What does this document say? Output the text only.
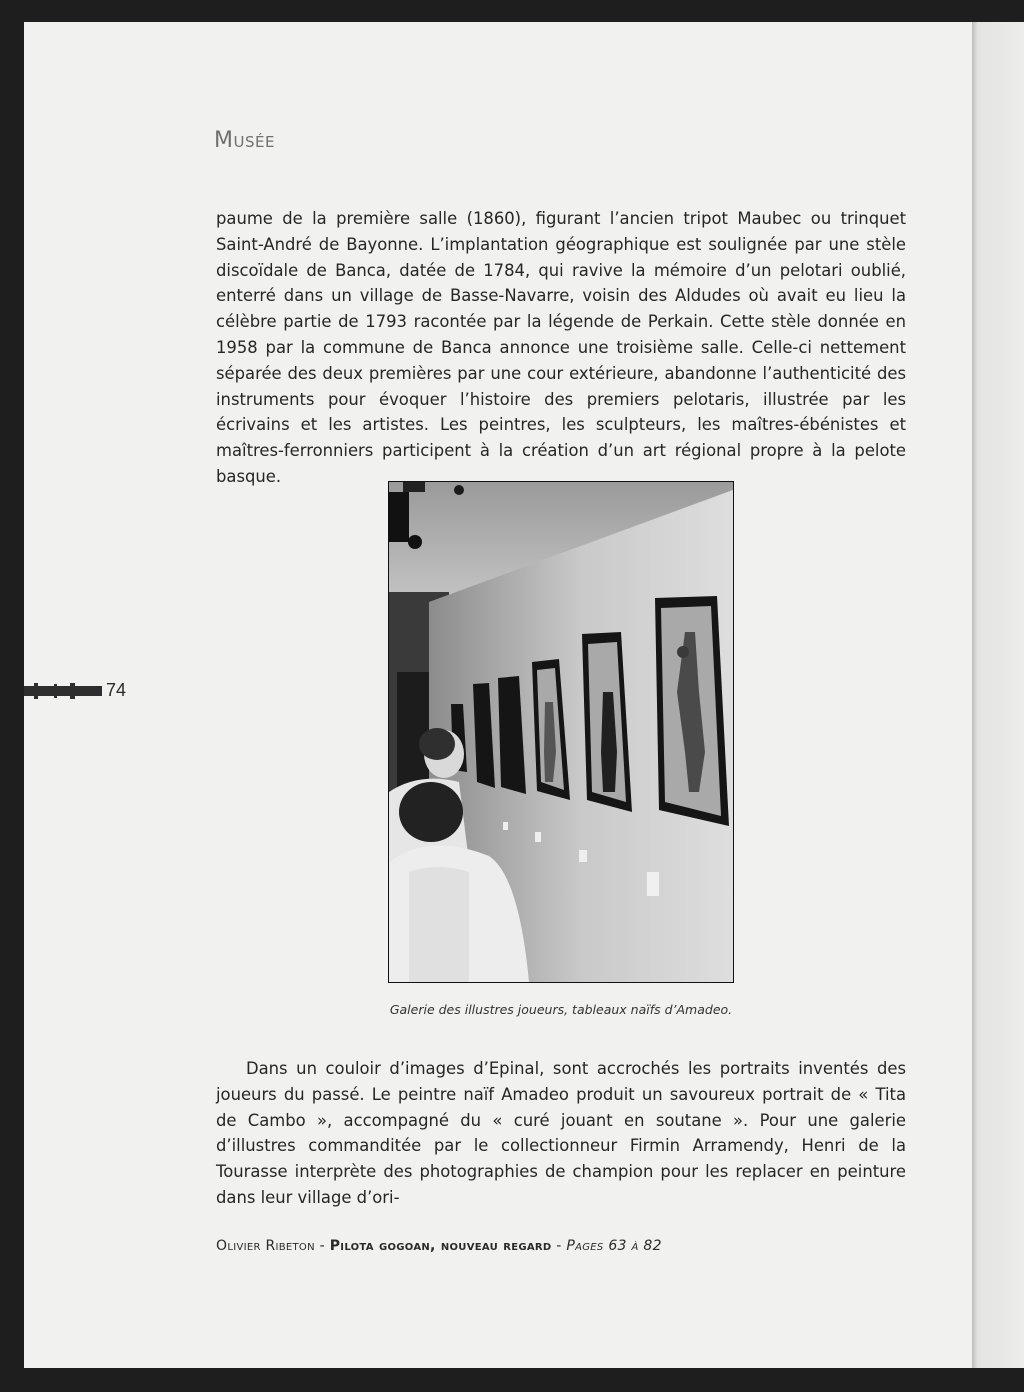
Musée

paume de la première salle (1860), figurant l’ancien tripot Maubec ou trinquet Saint-André de Bayonne. L’implantation géographique est soulignée par une stèle discoïdale de Banca, datée de 1784, qui ravive la mémoire d’un pelotari oublié, enterré dans un village de Basse-Navarre, voisin des Aldudes où avait eu lieu la célèbre partie de 1793 racontée par la légende de Perkain. Cette stèle donnée en 1958 par la commune de Banca annonce une troisième salle. Celle-ci nettement séparée des deux premières par une cour extérieure, abandonne l’authenticité des instruments pour évoquer l’histoire des premiers pelotaris, illustrée par les écrivains et les artistes. Les peintres, les sculpteurs, les maîtres-ébénistes et maîtres-ferronniers participent à la création d’un art régional propre à la pelote basque.

74
Galerie des illustres joueurs, tableaux naïfs d’Amadeo.

Dans un couloir d’images d’Epinal, sont accrochés les portraits inventés des joueurs du passé. Le peintre naïf Amadeo produit un savoureux portrait de « Tita de Cambo », accompagné du « curé jouant en soutane ». Pour une galerie d’illustres commanditée par le collectionneur Firmin Arramendy, Henri de la Tourasse interprète des photographies de champion pour les replacer en peinture dans leur village d’ori-

Olivier Ribeton - Pilota gogoan, nouveau regard - Pages 63 à 82
